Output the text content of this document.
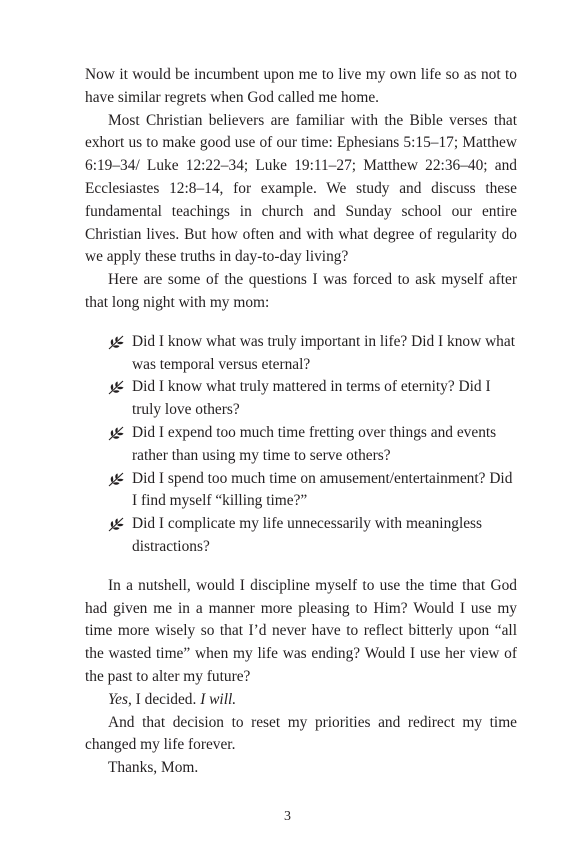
Now it would be incumbent upon me to live my own life so as not to have similar regrets when God called me home.

Most Christian believers are familiar with the Bible verses that exhort us to make good use of our time: Ephesians 5:15–17; Matthew 6:19–34/ Luke 12:22–34; Luke 19:11–27; Matthew 22:36–40; and Ecclesiastes 12:8–14, for example. We study and discuss these fundamental teachings in church and Sunday school our entire Christian lives. But how often and with what degree of regularity do we apply these truths in day-to-day living?

Here are some of the questions I was forced to ask myself after that long night with my mom:

Did I know what was truly important in life? Did I know what was temporal versus eternal?
Did I know what truly mattered in terms of eternity? Did I truly love others?
Did I expend too much time fretting over things and events rather than using my time to serve others?
Did I spend too much time on amusement/entertainment? Did I find myself “killing time?”
Did I complicate my life unnecessarily with meaningless distractions?

In a nutshell, would I discipline myself to use the time that God had given me in a manner more pleasing to Him? Would I use my time more wisely so that I’d never have to reflect bitterly upon “all the wasted time” when my life was ending? Would I use her view of the past to alter my future?

Yes, I decided. I will.

And that decision to reset my priorities and redirect my time changed my life forever.

Thanks, Mom.

3
